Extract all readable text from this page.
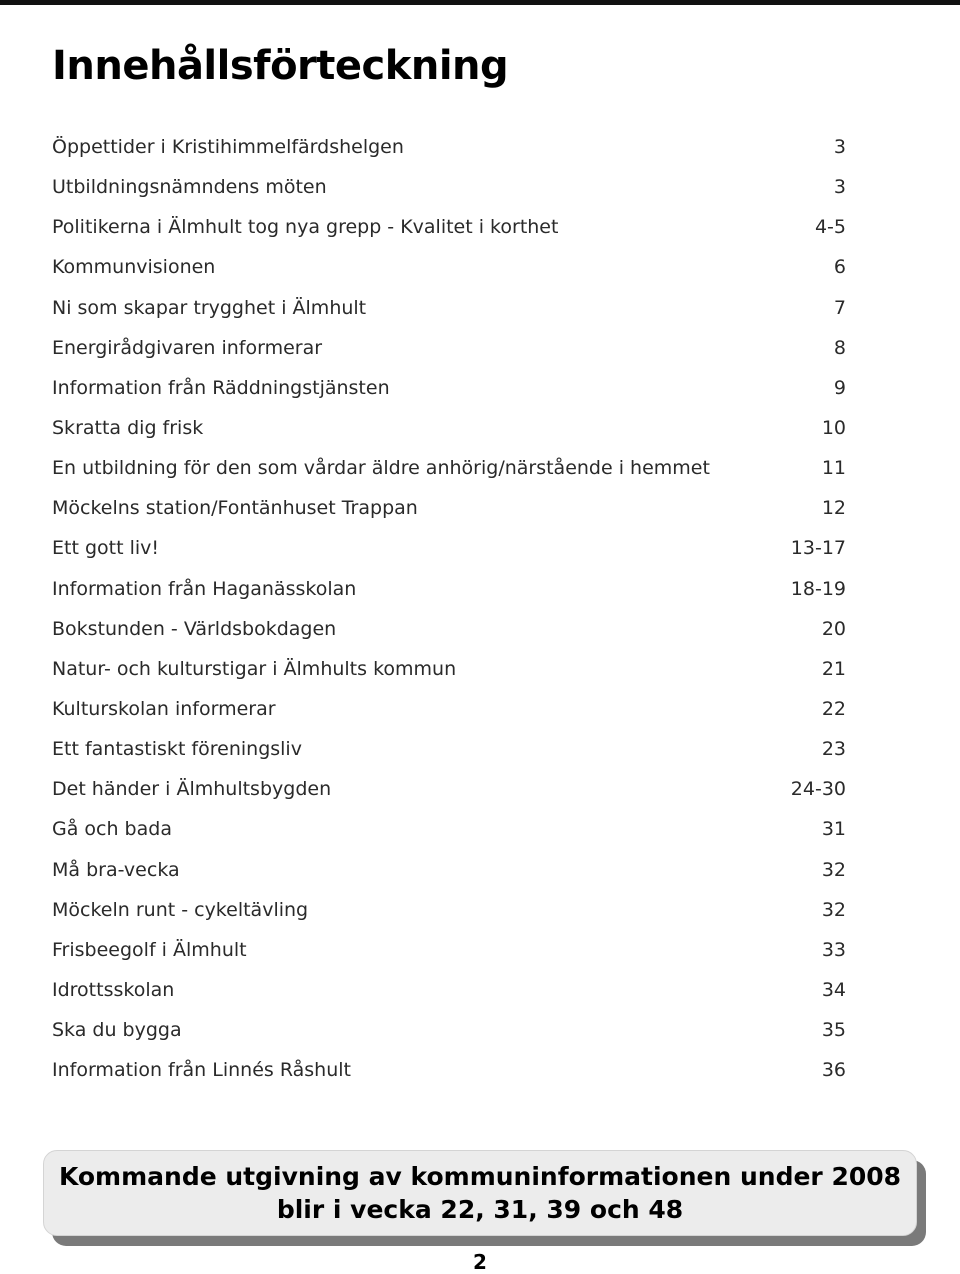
Innehållsförteckning
Öppettider i Kristihimmelfärdshelgen	3
Utbildningsnämndens möten	3
Politikerna i Älmhult tog nya grepp - Kvalitet i korthet	4-5
Kommunvisionen	6
Ni som skapar trygghet i Älmhult	7
Energirådgivaren informerar	8
Information från Räddningstjänsten	9
Skratta dig frisk	10
En utbildning för den som vårdar äldre anhörig/närstående i hemmet	11
Möckelns station/Fontänhuset Trappan	12
Ett gott liv!	13-17
Information från Haganässkolan	18-19
Bokstunden - Världsbokdagen	20
Natur- och kulturstigar i Älmhults kommun	21
Kulturskolan informerar	22
Ett fantastiskt föreningsliv	23
Det händer i Älmhultsbygden	24-30
Gå och bada	31
Må bra-vecka	32
Möckeln runt - cykeltävling	32
Frisbeegolf i Älmhult	33
Idrottsskolan	34
Ska du bygga	35
Information från Linnés Råshult	36
Kommande utgivning av kommuninformationen under 2008
blir i vecka 22, 31, 39 och 48
2
